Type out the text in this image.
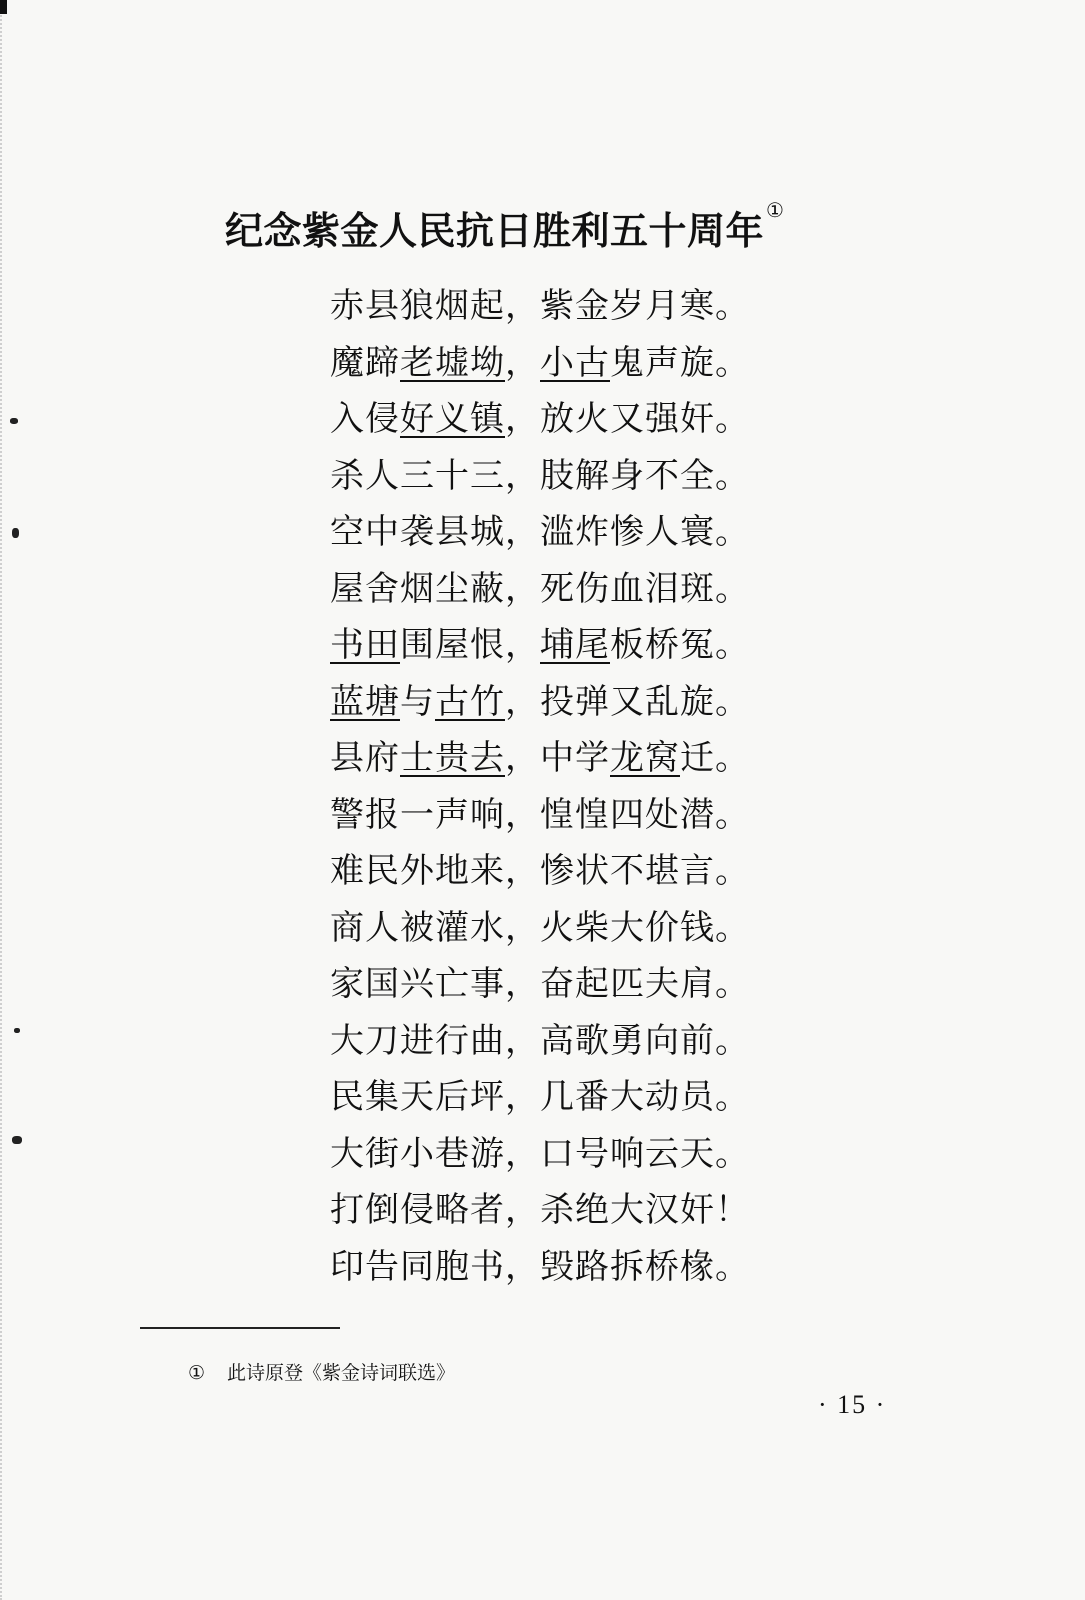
纪念紫金人民抗日胜利五十周年 ①
赤县狼烟起，紫金岁月寒。
魔蹄老墟坳，小古鬼声旋。
入侵好义镇，放火又强奸。
杀人三十三，肢解身不全。
空中袭县城，滥炸惨人寰。
屋舍烟尘蔽，死伤血泪斑。
书田围屋恨，埔尾板桥冤。
蓝塘与古竹，投弹又乱旋。
县府士贵去，中学龙窝迁。
警报一声响，惶惶四处潜。
难民外地来，惨状不堪言。
商人被灌水，火柴大价钱。
家国兴亡事，奋起匹夫肩。
大刀进行曲，高歌勇向前。
民集天后坪，几番大动员。
大街小巷游，口号响云天。
打倒侵略者，杀绝大汉奸！
印告同胞书，毁路拆桥椽。
① 此诗原登《紫金诗词联选》
· 15 ·
